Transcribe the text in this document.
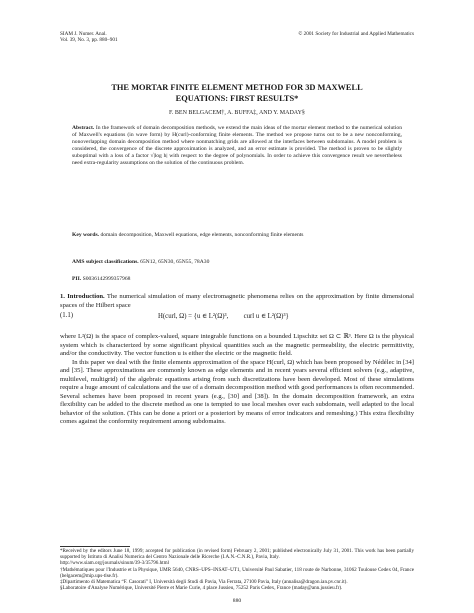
SIAM J. Numer. Anal.
Vol. 39, No. 3, pp. 880–901
© 2001 Society for Industrial and Applied Mathematics
THE MORTAR FINITE ELEMENT METHOD FOR 3D MAXWELL
EQUATIONS: FIRST RESULTS*
F. BEN BELGACEM†, A. BUFFA‡, AND Y. MADAY§
Abstract. In the framework of domain decomposition methods, we extend the main ideas of the mortar element method to the numerical solution of Maxwell's equations (in wave form) by H(curl)-conforming finite elements. The method we propose turns out to be a new nonconforming, nonoverlapping domain decomposition method where nonmatching grids are allowed at the interfaces between subdomains. A model problem is considered, the convergence of the discrete approximation is analyzed, and an error estimate is provided. The method is proven to be slightly suboptimal with a loss of a factor √|log h| with respect to the degree of polynomials. In order to achieve this convergence result we nevertheless need extra-regularity assumptions on the solution of the continuous problem.
Key words. domain decomposition, Maxwell equations, edge elements, nonconforming finite elements
AMS subject classifications. 65N12, 65N30, 65N55, 78A30
PII. S0036142999357968
1. Introduction. The numerical simulation of many electromagnetic phenomena relies on the approximation by finite dimensional spaces of the Hilbert space
(1.1)	H(curl, Ω) = {u ∈ L²(Ω)³, curl u ∈ L²(Ω)³}

where L²(Ω) is the space of complex-valued, square integrable functions on a bounded Lipschitz set Ω ⊂ ℝ³. Here Ω is the physical system which is characterized by some significant physical quantities such as the magnetic permeability, the electric permittivity, and/or the conductivity. The vector function u is either the electric or the magnetic field.

In this paper we deal with the finite elements approximation of the space H(curl, Ω) which has been proposed by Nédélec in [34] and [35]. These approximations are commonly known as edge elements and in recent years several efficient solvers (e.g., adaptive, multilevel, multigrid) of the algebraic equations arising from such discretizations have been developed. Most of these simulations require a huge amount of calculations and the use of a domain decomposition method with good performances is often recommended. Several schemes have been proposed in recent years (e.g., [30] and [38]). In the domain decomposition framework, an extra flexibility can be added to the discrete method as one is tempted to use local meshes over each subdomain, well adapted to the local behavior of the solution. (This can be done a priori or a posteriori by means of error indicators and remeshing.) This extra flexibility comes against the conformity requirement among subdomains.

*Received by the editors June 18, 1999; accepted for publication (in revised form) February 2, 2001; published electronically July 31, 2001. This work has been partially supported by Istituto di Analisi Numerica del Centro Nazionale delle Ricerche (I.A.N.-C.N.R.), Pavia, Italy.
http://www.siam.org/journals/sinum/39-3/35796.html
†Mathématiques pour l'Industrie et la Physique, UMR 5640, CNRS–UPS–INSAT–UT1, Université Paul Sabatier, 118 route de Narbonne, 31062 Toulouse Cedex 04, France (belgacem@mip.ups-tlse.fr).
‡Dipartimento di Matematica “F. Casorati” I, Università degli Studi di Pavia, Via Ferrata, 27100 Pavia, Italy (annalisa@dragon.ian.pv.cnr.it).
§Laboratoire d'Analyse Numérique, Université Pierre et Marie Curie, 4 place Jussieu, 75252 Paris Cedex, France (maday@ann.jussieu.fr).
880
